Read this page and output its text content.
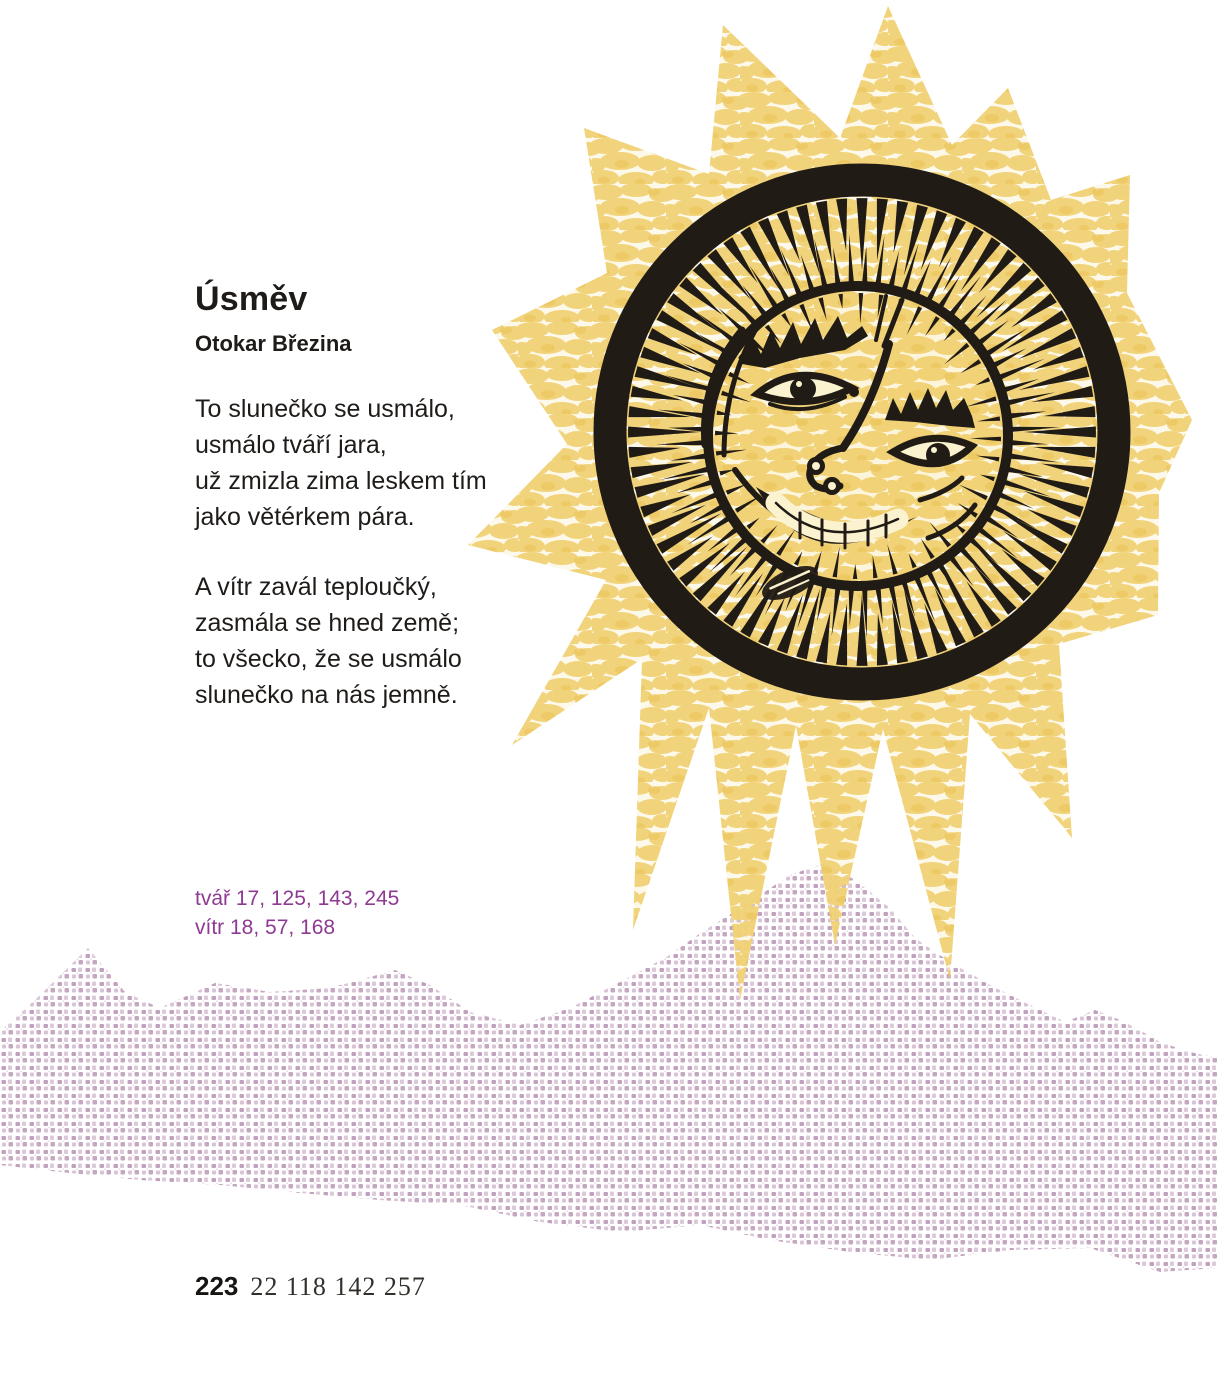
Úsměv
Otokar Březina
To slunečko se usmálo,
usmálo tváří jara,
už zmizla zima leskem tím
jako větérkem pára.
A vítr zavál teploučký,
zasmála se hned země;
to všecko, že se usmálo
slunečko na nás jemně.
tvář 17, 125, 143, 245
vítr 18, 57, 168
223 22 118 142 257
